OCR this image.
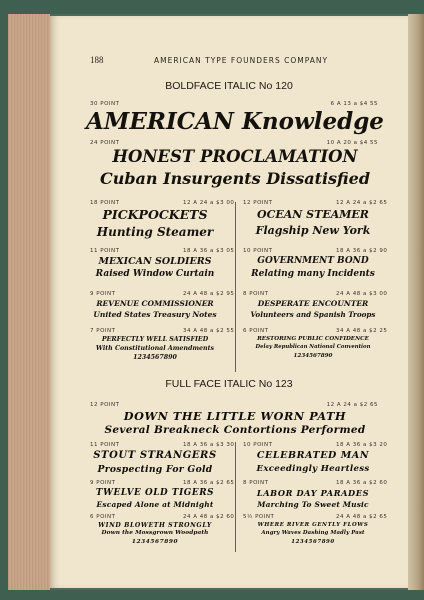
188	AMERICAN TYPE FOUNDERS COMPANY
BOLDFACE ITALIC No 120
30 POINT	6 A 13 a $4 55
AMERICAN Knowledge
24 POINT	10 A 20 a $4 55
HONEST PROCLAMATION
Cuban Insurgents Dissatisfied
18 POINT	12 A 24 a $3 00
PICKPOCKETS
Hunting Steamer
11 POINT	18 A 36 a $3 05
MEXICAN SOLDIERS
Raised Window Curtain
9 POINT	24 A 48 a $2 95
REVENUE COMMISSIONER
United States Treasury Notes
7 POINT	34 A 48 a $2 55
PERFECTLY WELL SATISFIED
With Constitutional Amendments
1234567890
12 POINT	12 A 24 a $2 65
OCEAN STEAMER
Flagship New York
10 POINT	18 A 36 a $2 90
GOVERNMENT BOND
Relating many Incidents
8 POINT	24 A 48 a $3 00
DESPERATE ENCOUNTER
Volunteers and Spanish Troops
6 POINT	34 A 48 a $2 25
RESTORING PUBLIC CONFIDENCE
Delay Republican National Convention
1234567890
FULL FACE ITALIC No 123
12 POINT	12 A 24 a $2 65
DOWN THE LITTLE WORN PATH
Several Breakneck Contortions Performed
11 POINT	18 A 36 a $3 30
STOUT STRANGERS
Prospecting For Gold
9 POINT	18 A 36 a $2 65
TWELVE OLD TIGERS
Escaped Alone at Midnight
6 POINT	24 A 48 a $2 60
WIND BLOWETH STRONGLY
Down the Mossgrown Woodpath
1234567890
10 POINT	18 A 36 a $3 20
CELEBRATED MAN
Exceedingly Heartless
8 POINT	18 A 36 a $2 60
LABOR DAY PARADES
Marching To Sweet Music
5½ POINT	24 A 48 a $2 65
WHERE RIVER GENTLY FLOWS
Angry Waves Dashing Madly Past
1234567890
